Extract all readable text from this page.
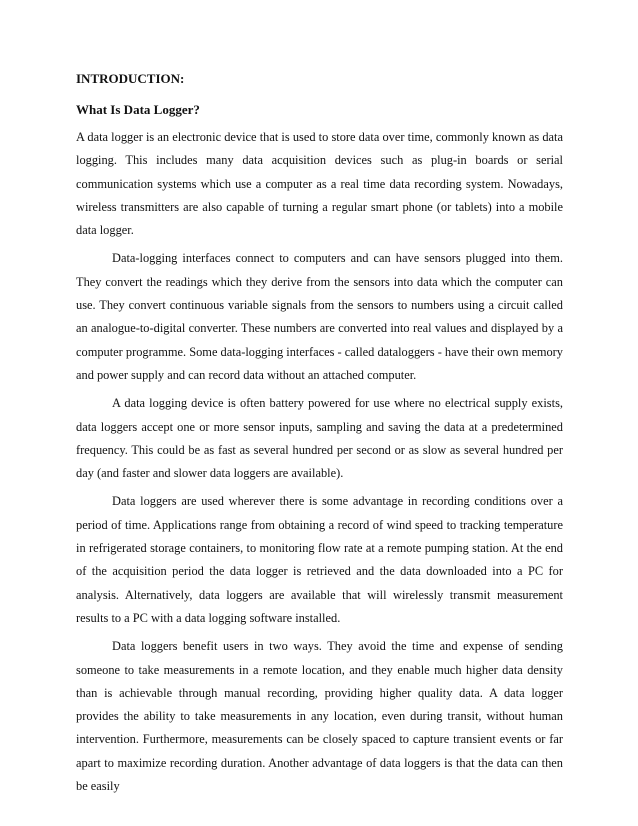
INTRODUCTION:

What Is Data Logger?

A data logger is an electronic device that is used to store data over time, commonly known as data logging. This includes many data acquisition devices such as plug-in boards or serial communication systems which use a computer as a real time data recording system. Nowadays, wireless transmitters are also capable of turning a regular smart phone (or tablets) into a mobile data logger.

Data-logging interfaces connect to computers and can have sensors plugged into them. They convert the readings which they derive from the sensors into data which the computer can use. They convert continuous variable signals from the sensors to numbers using a circuit called an analogue-to-digital converter. These numbers are converted into real values and displayed by a computer programme. Some data-logging interfaces - called dataloggers - have their own memory and power supply and can record data without an attached computer.

A data logging device is often battery powered for use where no electrical supply exists, data loggers accept one or more sensor inputs, sampling and saving the data at a predetermined frequency. This could be as fast as several hundred per second or as slow as several hundred per day (and faster and slower data loggers are available).

Data loggers are used wherever there is some advantage in recording conditions over a period of time. Applications range from obtaining a record of wind speed to tracking temperature in refrigerated storage containers, to monitoring flow rate at a remote pumping station. At the end of the acquisition period the data logger is retrieved and the data downloaded into a PC for analysis. Alternatively, data loggers are available that will wirelessly transmit measurement results to a PC with a data logging software installed.

Data loggers benefit users in two ways. They avoid the time and expense of sending someone to take measurements in a remote location, and they enable much higher data density than is achievable through manual recording, providing higher quality data. A data logger provides the ability to take measurements in any location, even during transit, without human intervention. Furthermore, measurements can be closely spaced to capture transient events or far apart to maximize recording duration. Another advantage of data loggers is that the data can then be easily
